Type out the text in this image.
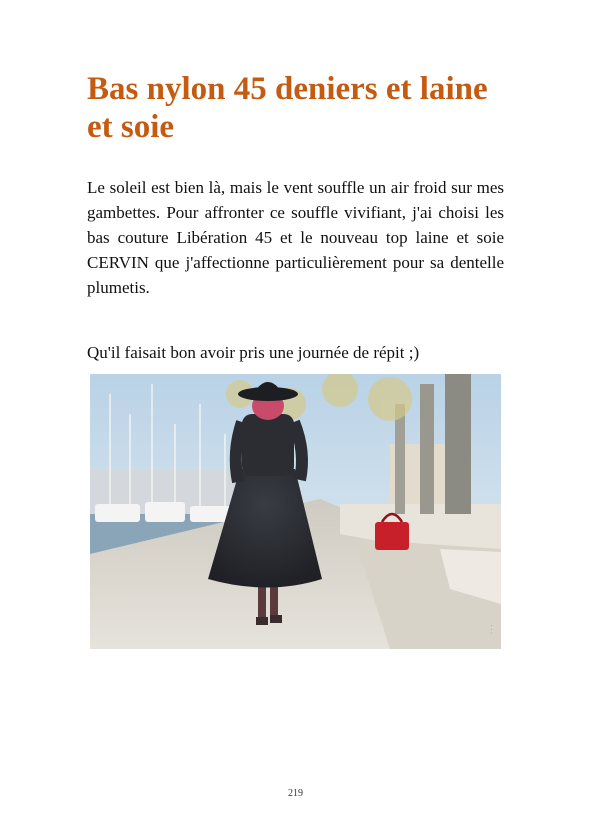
Bas nylon 45 deniers et laine et soie

Le soleil est bien là, mais le vent souffle un air froid sur mes gambettes. Pour affronter ce souffle vivifiant, j'ai choisi les bas couture Libération 45 et le nouveau top laine et soie CERVIN que j'affectionne particulièrement pour sa dentelle plumetis.

Qu'il faisait bon avoir pris une journée de répit ;)

· · ·
219
